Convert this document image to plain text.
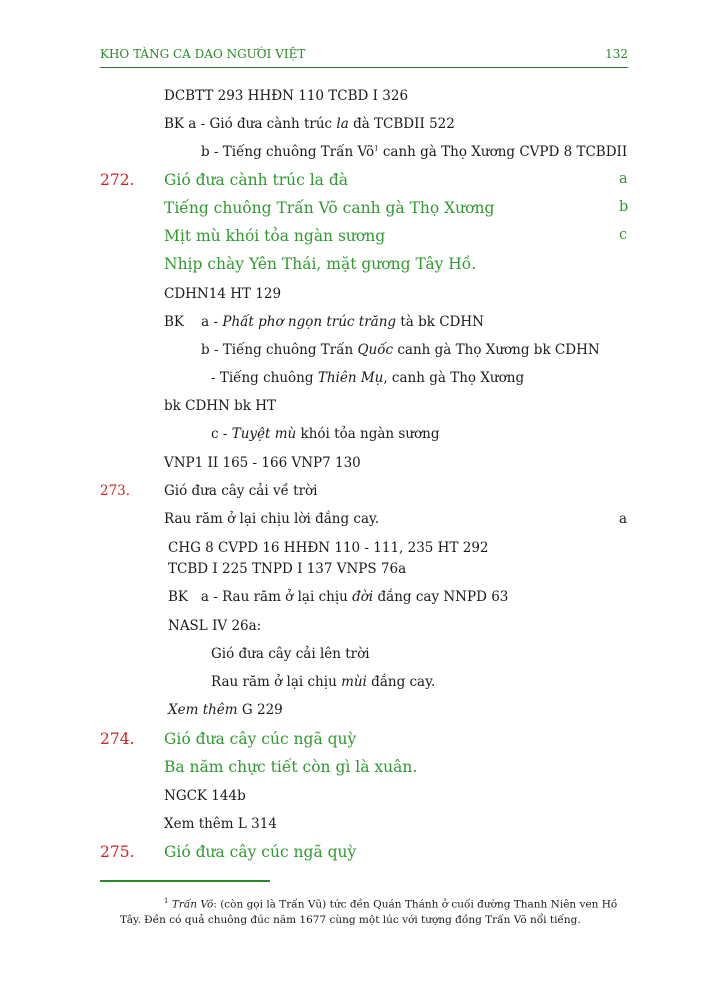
KHO TÀNG CA DAO NGƯỜI VIỆT	132
DCBTT 293 HHĐN 110 TCBD I 326
BK a - Gió đưa cành trúc la đà TCBDII 522
b - Tiếng chuông Trấn $Võ^1$ canh gà Thọ Xương CVPD 8 TCBDII
272. Gió đưa cành trúc la đà	a
Tiếng chuông Trấn Võ canh gà Thọ Xương	b
Mịt mù khói tỏa ngàn sương	c
Nhịp chày Yên Thái, mặt gương Tây Hồ.
CDHN14 HT 129
BK    a - Phất phơ ngọn trúc trăng tà bk CDHN
b - Tiếng chuông Trấn Quốc canh gà Thọ Xương bk CDHN
- Tiếng chuông Thiên Mụ, canh gà Thọ Xương
bk CDHN bk HT
c - Tuyệt mù khói tỏa ngàn sương
VNP1 II 165 - 166 VNP7 130
273.	Gió đưa cây cải về trời
Rau răm ở lại chịu lời đắng cay.	a
CHG 8 CVPD 16 HHĐN 110 - 111, 235 HT 292
TCBD I 225 TNPD I 137 VNPS 76a
BK   a - Rau răm ở lại chịu đời đắng cay NNPD 63
NASL IV 26a:
Gió đưa cây cải lên trời
Rau răm ở lại chịu mùi đắng cay.
Xem thêm G 229
274. Gió đưa cây cúc ngã quỳ
Ba năm chực tiết còn gì là xuân.
NGCK 144b
Xem thêm L 314
275. Gió đưa cây cúc ngã quỳ
$^1$ Trấn Võ: (còn gọi là Trấn Vũ) tức đền Quán Thánh ở cuối đường Thanh Niên ven Hồ Tây. Đền có quả chuông đúc năm 1677 cùng một lúc với tượng đồng Trấn Võ nổi tiếng.
